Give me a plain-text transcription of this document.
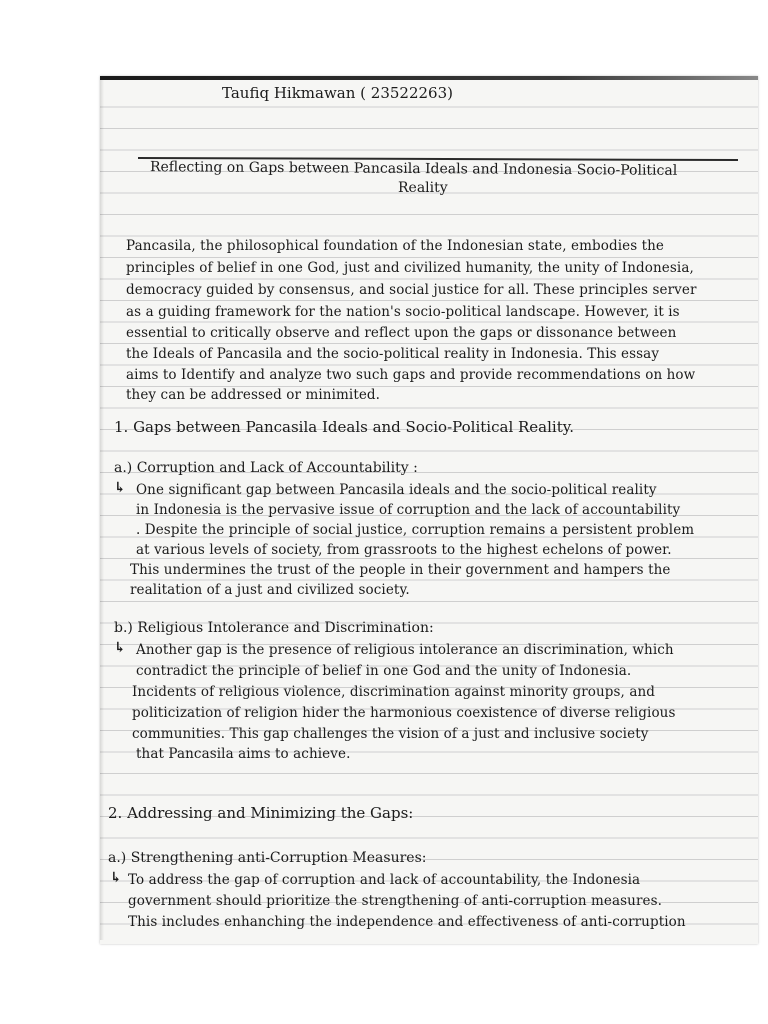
Taufiq Hikmawan ( 23522263)
Reflecting on Gaps between Pancasila Ideals and Indonesia Socio-Political
Reality
Pancasila, the philosophical foundation of the Indonesian state, embodies the
principles of belief in one God, just and civilized humanity, the unity of Indonesia,
democracy guided by consensus, and social justice for all. These principles server
as a guiding framework for the nation's socio-political landscape. However, it is
essential to critically observe and reflect upon the gaps or dissonance between
the Ideals of Pancasila and the socio-political reality in Indonesia. This essay
aims to Identify and analyze two such gaps and provide recommendations on how
they can be addressed or minimited.
1. Gaps between Pancasila Ideals and Socio-Political Reality.
a.) Corruption and Lack of Accountability :
↳ One significant gap between Pancasila ideals and the socio-political reality
in Indonesia is the pervasive issue of corruption and the lack of accountability
. Despite the principle of social justice, corruption remains a persistent problem
at various levels of society, from grassroots to the highest echelons of power.
This undermines the trust of the people in their government and hampers the
realitation of a just and civilized society.
b.) Religious Intolerance and Discrimination:
↳ Another gap is the presence of religious intolerance an discrimination, which
contradict the principle of belief in one God and the unity of Indonesia.
Incidents of religious violence, discrimination against minority groups, and
politicization of religion hider the harmonious coexistence of diverse religious
communities. This gap challenges the vision of a just and inclusive society
that Pancasila aims to achieve.
2. Addressing and Minimizing the Gaps:
a.) Strengthening anti-Corruption Measures:
↳ To address the gap of corruption and lack of accountability, the Indonesia
government should prioritize the strengthening of anti-corruption measures.
This includes enhanching the independence and effectiveness of anti-corruption
